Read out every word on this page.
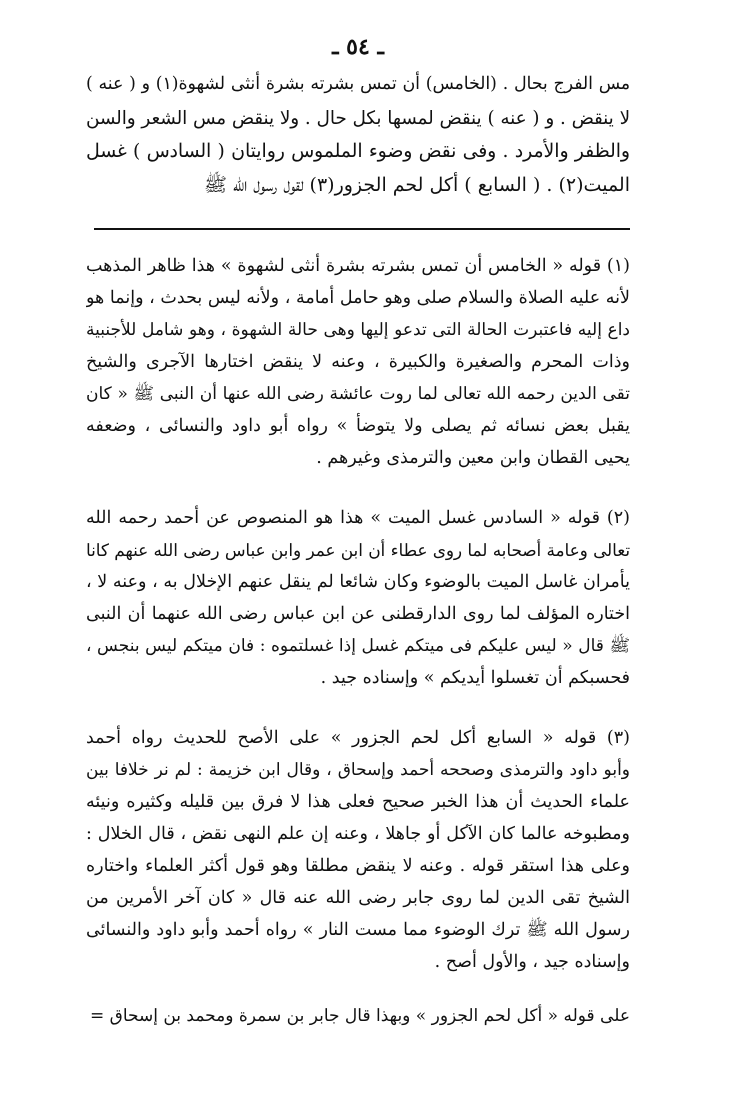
ـ ٥٤ ـ
مس الفرج بحال . (الخامس) أن تمس بشرته بشرة أنثى لشهوة(١) و ( عنه )
لا ينقض . و ( عنه ) ينقض لمسها بكل حال . ولا ينقض مس الشعر والسن
والظفر والأمرد . وفى نقض وضوء الملموس روايتان ( السادس ) غسل
الميت(٢) . ( السابع ) أكل لحم الجزور(٣) لقول رسول الله ﷺ
(١) قوله « الخامس أن تمس بشرته بشرة أنثى لشهوة » هذا ظاهر المذهب
لأنه عليه الصلاة والسلام صلى وهو حامل أمامة ، ولأنه ليس بحدث ، وإنما هو
داع إليه فاعتبرت الحالة التى تدعو إليها وهى حالة الشهوة ، وهو شامل للأجنبية
وذات المحرم والصغيرة والكبيرة ، وعنه لا ينقض اختارها الآجرى والشيخ
تقى الدين رحمه الله تعالى لما روت عائشة رضى الله عنها أن النبى ﷺ « كان
يقبل بعض نسائه ثم يصلى ولا يتوضأ » رواه أبو داود والنسائى ، وضعفه
يحيى القطان وابن معين والترمذى وغيرهم .
(٢) قوله « السادس غسل الميت » هذا هو المنصوص عن أحمد رحمه الله
تعالى وعامة أصحابه لما روى عطاء أن ابن عمر وابن عباس رضى الله عنهم كانا
يأمران غاسل الميت بالوضوء وكان شائعا لم ينقل عنهم الإخلال به ، وعنه لا ،
اختاره المؤلف لما روى الدارقطنى عن ابن عباس رضى الله عنهما أن النبى
ﷺ قال « ليس عليكم فى ميتكم غسل إذا غسلتموه : فان ميتكم ليس بنجس ،
فحسبكم أن تغسلوا أيديكم » وإسناده جيد .
(٣) قوله « السابع أكل لحم الجزور » على الأصح للحديث رواه أحمد
وأبو داود والترمذى وصححه أحمد وإسحاق ، وقال ابن خزيمة : لم نر خلافا بين
علماء الحديث أن هذا الخبر صحيح فعلى هذا لا فرق بين قليله وكثيره ونيئه
ومطبوخه عالما كان الآكل أو جاهلا ، وعنه إن علم النهى نقض ، قال الخلال :
وعلى هذا استقر قوله . وعنه لا ينقض مطلقا وهو قول أكثر العلماء واختاره
الشيخ تقى الدين لما روى جابر رضى الله عنه قال « كان آخر الأمرين من
رسول الله ﷺ ترك الوضوء مما مست النار » رواه أحمد وأبو داود والنسائى
وإسناده جيد ، والأول أصح .
على قوله « أكل لحم الجزور » وبهذا قال جابر بن سمرة ومحمد بن إسحاق =
